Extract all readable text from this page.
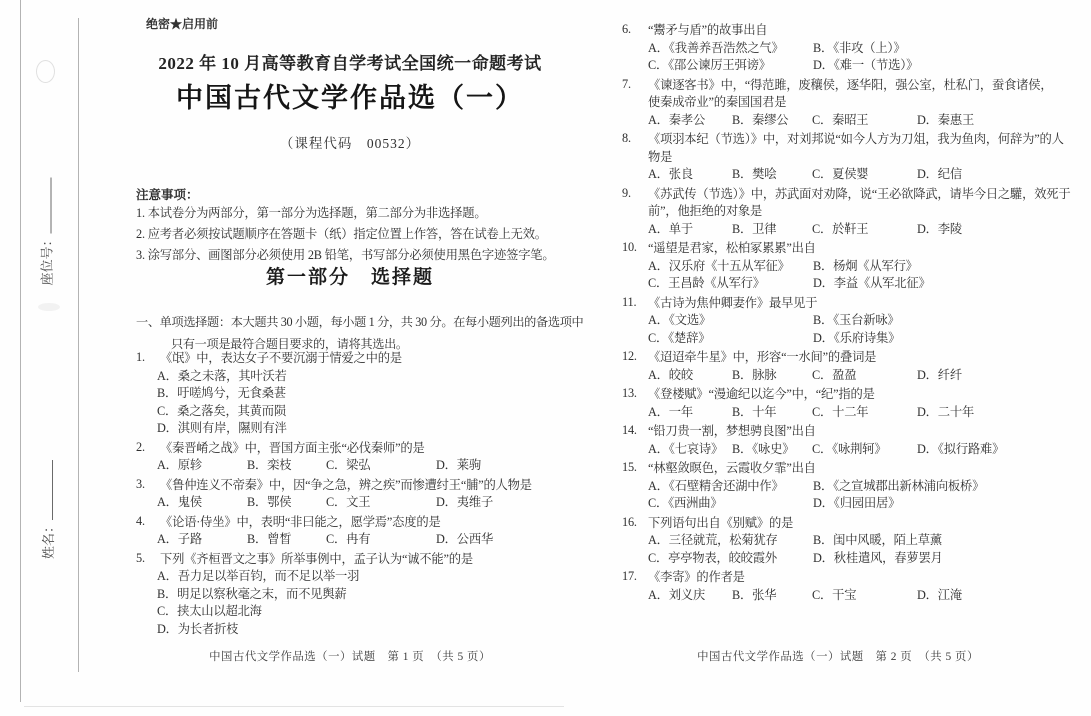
座位号：
姓名：
绝密★启用前
2022 年 10 月高等教育自学考试全国统一命题考试
中国古代文学作品选（一）
（课程代码　00532）
注意事项：
1. 本试卷分为两部分，第一部分为选择题，第二部分为非选择题。
2. 应考者必须按试题顺序在答题卡（纸）指定位置上作答，答在试卷上无效。
3. 涂写部分、画图部分必须使用 2B 铅笔，书写部分必须使用黑色字迹签字笔。
第一部分　选择题
一、单项选择题：本大题共 30 小题，每小题 1 分，共 30 分。在每小题列出的备选项中
只有一项是最符合题目要求的，请将其选出。
1.	《氓》中，表达女子不要沉溺于情爱之中的是
A．桑之未落，其叶沃若
B．吁嗟鸠兮，无食桑葚
C．桑之落矣，其黄而陨
D．淇则有岸，隰则有泮
2.	《秦晋崤之战》中，晋国方面主张“必伐秦师”的是
A．原轸	B．栾枝	C．梁弘	D．莱驹
3.	《鲁仲连义不帝秦》中，因“争之急，辨之疾”而惨遭纣王“脯”的人物是
A．鬼侯	B．鄂侯	C．文王	D．夷维子
4.	《论语·侍坐》中，表明“非曰能之，愿学焉”态度的是
A．子路	B．曾晳	C．冉有	D．公西华
5.	下列《齐桓晋文之事》所举事例中，孟子认为“诚不能”的是
A．吾力足以举百钧，而不足以举一羽
B．明足以察秋毫之末，而不见舆薪
C．挟太山以超北海
D．为长者折枝
中国古代文学作品选（一）试题　第 1 页　（共 5 页）
6.	“鬻矛与盾”的故事出自
A．《我善养吾浩然之气》	B．《非攻（上）》
C．《邵公谏厉王弭谤》	D．《难一（节选）》
7.	《谏逐客书》中，“得范雎，废穰侯，逐华阳，强公室，杜私门，蚕食诸侯，
使秦成帝业”的秦国国君是
A．秦孝公	B．秦缪公	C．秦昭王	D．秦惠王
8.	《项羽本纪（节选）》中，对刘邦说“如今人方为刀俎，我为鱼肉，何辞为”的人
物是
A．张良	B．樊哙	C．夏侯婴	D．纪信
9.	《苏武传（节选）》中，苏武面对劝降，说“王必欲降武，请毕今日之驩，效死于
前”，他拒绝的对象是
A．单于	B．卫律	C．於靬王	D．李陵
10. “遥望是君家，松柏冢累累”出自
A．汉乐府《十五从军征》	B．杨炯《从军行》
C．王昌龄《从军行》	D．李益《从军北征》
11. 《古诗为焦仲卿妻作》最早见于
A．《文选》	B．《玉台新咏》
C．《楚辞》	D．《乐府诗集》
12. 《迢迢牵牛星》中，形容“一水间”的叠词是
A．皎皎	B．脉脉	C．盈盈	D．纤纤
13. 《登楼赋》“漫逾纪以迄今”中，“纪”指的是
A．一年	B．十年	C．十二年	D．二十年
14. “铅刀贵一割，梦想骋良图”出自
A．《七哀诗》 B．《咏史》	C．《咏荆轲》	D．《拟行路难》
15. “林壑敛暝色，云霞收夕霏”出自
A．《石壁精舍还湖中作》	B．《之宣城郡出新林浦向板桥》
C．《西洲曲》	D．《归园田居》
16. 下列语句出自《别赋》的是
A．三径就荒，松菊犹存	B．闺中风暖，陌上草薰
C．亭亭物表，皎皎霞外	D．秋桂遣风，春萝罢月
17. 《李寄》的作者是
A．刘义庆	B．张华	C．干宝	D．江淹
中国古代文学作品选（一）试题　第 2 页　（共 5 页）
